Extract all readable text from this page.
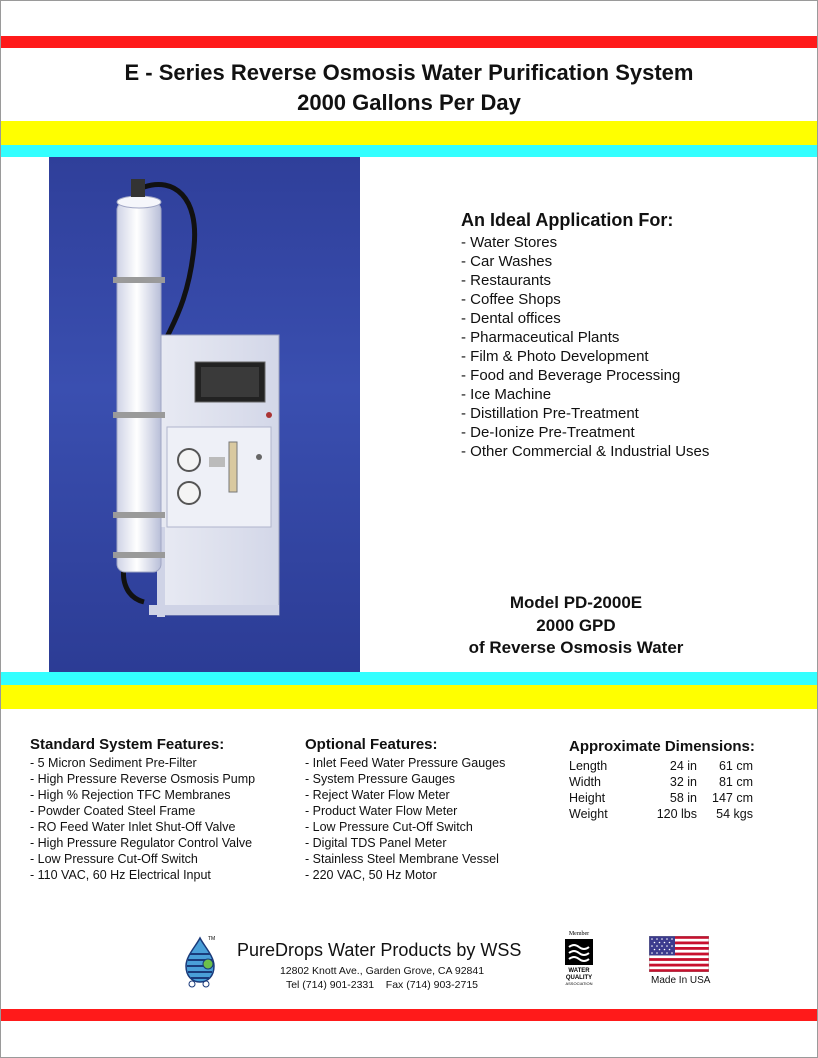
E - Series Reverse Osmosis Water Purification System
2000 Gallons Per Day
An Ideal Application For:
- Water Stores
- Car Washes
- Restaurants
- Coffee Shops
- Dental offices
- Pharmaceutical Plants
- Film & Photo Development
- Food and Beverage Processing
- Ice Machine
- Distillation Pre-Treatment
- De-Ionize Pre-Treatment
- Other Commercial & Industrial Uses
Model PD-2000E
2000 GPD
of Reverse Osmosis Water
Standard System Features:
- 5 Micron Sediment Pre-Filter
- High Pressure Reverse Osmosis Pump
- High % Rejection TFC Membranes
- Powder Coated Steel Frame
- RO Feed Water Inlet Shut-Off Valve
- High Pressure Regulator Control Valve
- Low Pressure Cut-Off Switch
- 110 VAC, 60 Hz Electrical Input
Optional Features:
- Inlet Feed Water Pressure Gauges
- System Pressure Gauges
- Reject Water Flow Meter
- Product Water Flow Meter
- Low Pressure Cut-Off Switch
- Digital TDS Panel Meter
- Stainless Steel Membrane Vessel
- 220 VAC, 50 Hz Motor
Approximate Dimensions:
Length	24 in	61 cm
Width	32 in	81 cm
Height	58 in	147 cm
Weight	120 lbs	54 kgs
TM
PureDrops Water Products by WSS
12802 Knott Ave., Garden Grove, CA 92841
Tel (714) 901-2331    Fax (714) 903-2715
Member
WATER
QUALITY
ASSOCIATION	Made In USA
